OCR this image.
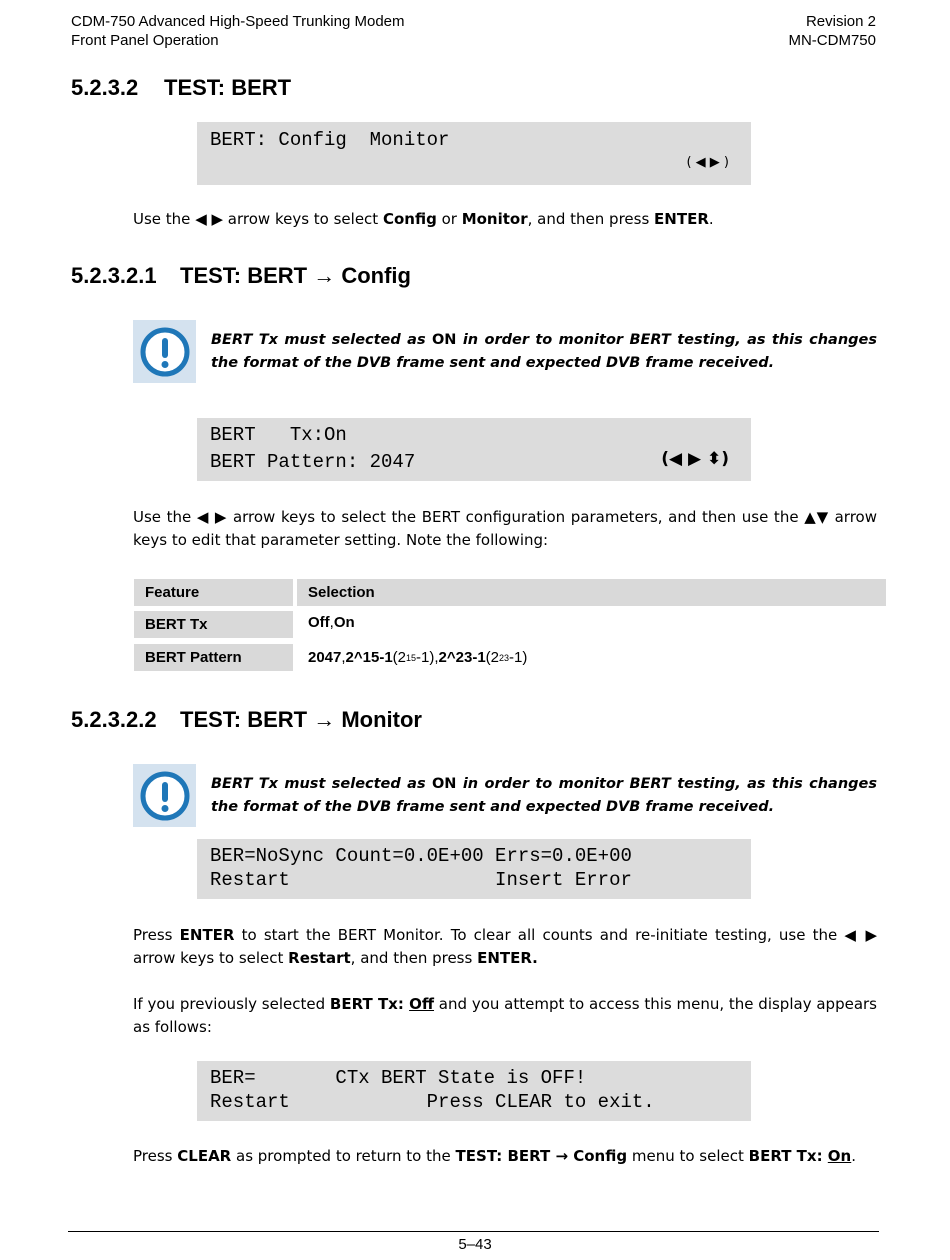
CDM-750 Advanced High-Speed Trunking Modem
Front Panel Operation
Revision 2
MN-CDM750
5.2.3.2 TEST: BERT
BERT: Config  Monitor
( ◀ ▶ )
Use the ◀ ▶ arrow keys to select Config or Monitor, and then press ENTER.
5.2.3.2.1 TEST: BERT → Config
BERT Tx must selected as ON in order to monitor BERT testing, as this changes the format of the DVB frame sent and expected DVB frame received.
BERT   Tx:On
BERT Pattern: 2047	(◀ ▶ ⬍)
Use the ◀ ▶ arrow keys to select the BERT configuration parameters, and then use the ▲▼ arrow keys to edit that parameter setting. Note the following:
Feature	Selection
BERT Tx	Off , On
BERT Pattern	2047 , 2^15-1 (2 15 -1), 2^23-1 (2 23 -1)
5.2.3.2.2 TEST: BERT → Monitor
BERT Tx must selected as ON in order to monitor BERT testing, as this changes the format of the DVB frame sent and expected DVB frame received.
BER=NoSync Count=0.0E+00 Errs=0.0E+00
Restart                  Insert Error
Press ENTER to start the BERT Monitor. To clear all counts and re-initiate testing, use the ◀ ▶ arrow keys to select Restart, and then press ENTER.
If you previously selected BERT Tx: Off and you attempt to access this menu, the display appears as follows:
BER=       CTx BERT State is OFF!
Restart            Press CLEAR to exit.
Press CLEAR as prompted to return to the TEST: BERT → Config menu to select BERT Tx: On.
5–43
